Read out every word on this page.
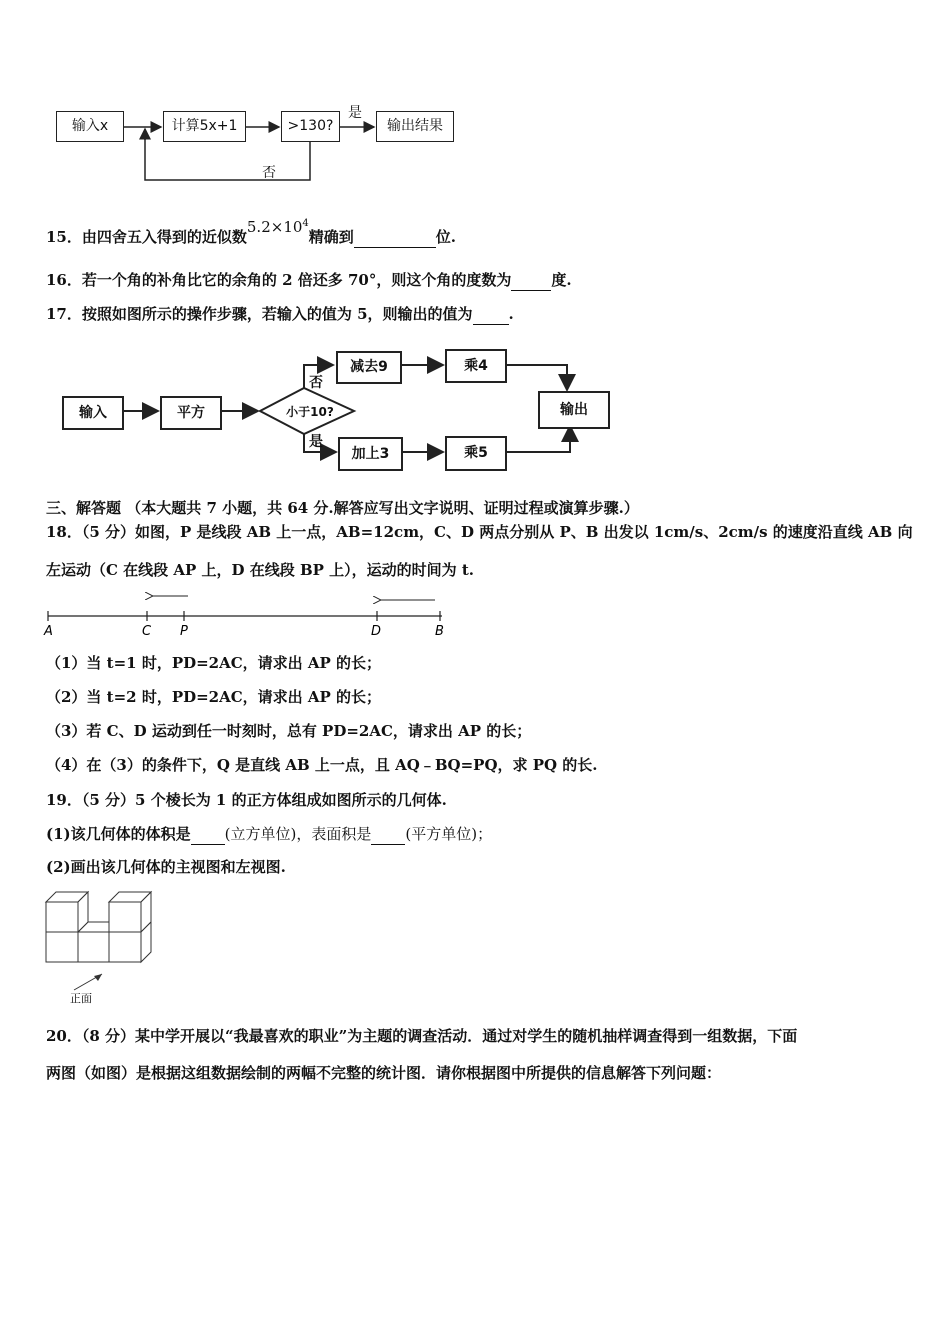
输入x	计算5x+1	>130?	输出结果
是
否
15．由四舍五入得到的近似数$5.2\times 10^4$精确到	位.
16．若一个角的补角比它的余角的 2 倍还多 70°，则这个角的度数为	度.
17．按照如图所示的操作步骤，若输入的值为 5，则输出的值为 .
输入	平方	小于10?
减去9	乘4
加上3	乘5
输出
否
是
三、解答题 （本大题共 7 小题，共 64 分.解答应写出文字说明、证明过程或演算步骤.）
18．（5 分）如图，P 是线段 AB 上一点，AB=12cm，C、D 两点分别从 P、B 出发以 1cm/s、2cm/s 的速度沿直线 AB 向
左运动（C 在线段 AP 上，D 在线段 BP 上），运动的时间为 t.
A	C P	D	B
（1）当 t=1 时，PD=2AC，请求出 AP 的长；
（2）当 t=2 时，PD=2AC，请求出 AP 的长；
（3）若 C、D 运动到任一时刻时，总有 PD=2AC，请求出 AP 的长；
（4）在（3）的条件下，Q 是直线 AB 上一点，且 AQ﹣BQ=PQ，求 PQ 的长.
19．（5 分）5 个棱长为 1 的正方体组成如图所示的几何体.
(1)该几何体的体积是 (立方单位)，表面积是 (平方单位)；
(2)画出该几何体的主视图和左视图.
正面
20．（8 分）某中学开展以“我最喜欢的职业”为主题的调查活动．通过对学生的随机抽样调查得到一组数据，下面
两图（如图）是根据这组数据绘制的两幅不完整的统计图．请你根据图中所提供的信息解答下列问题：
